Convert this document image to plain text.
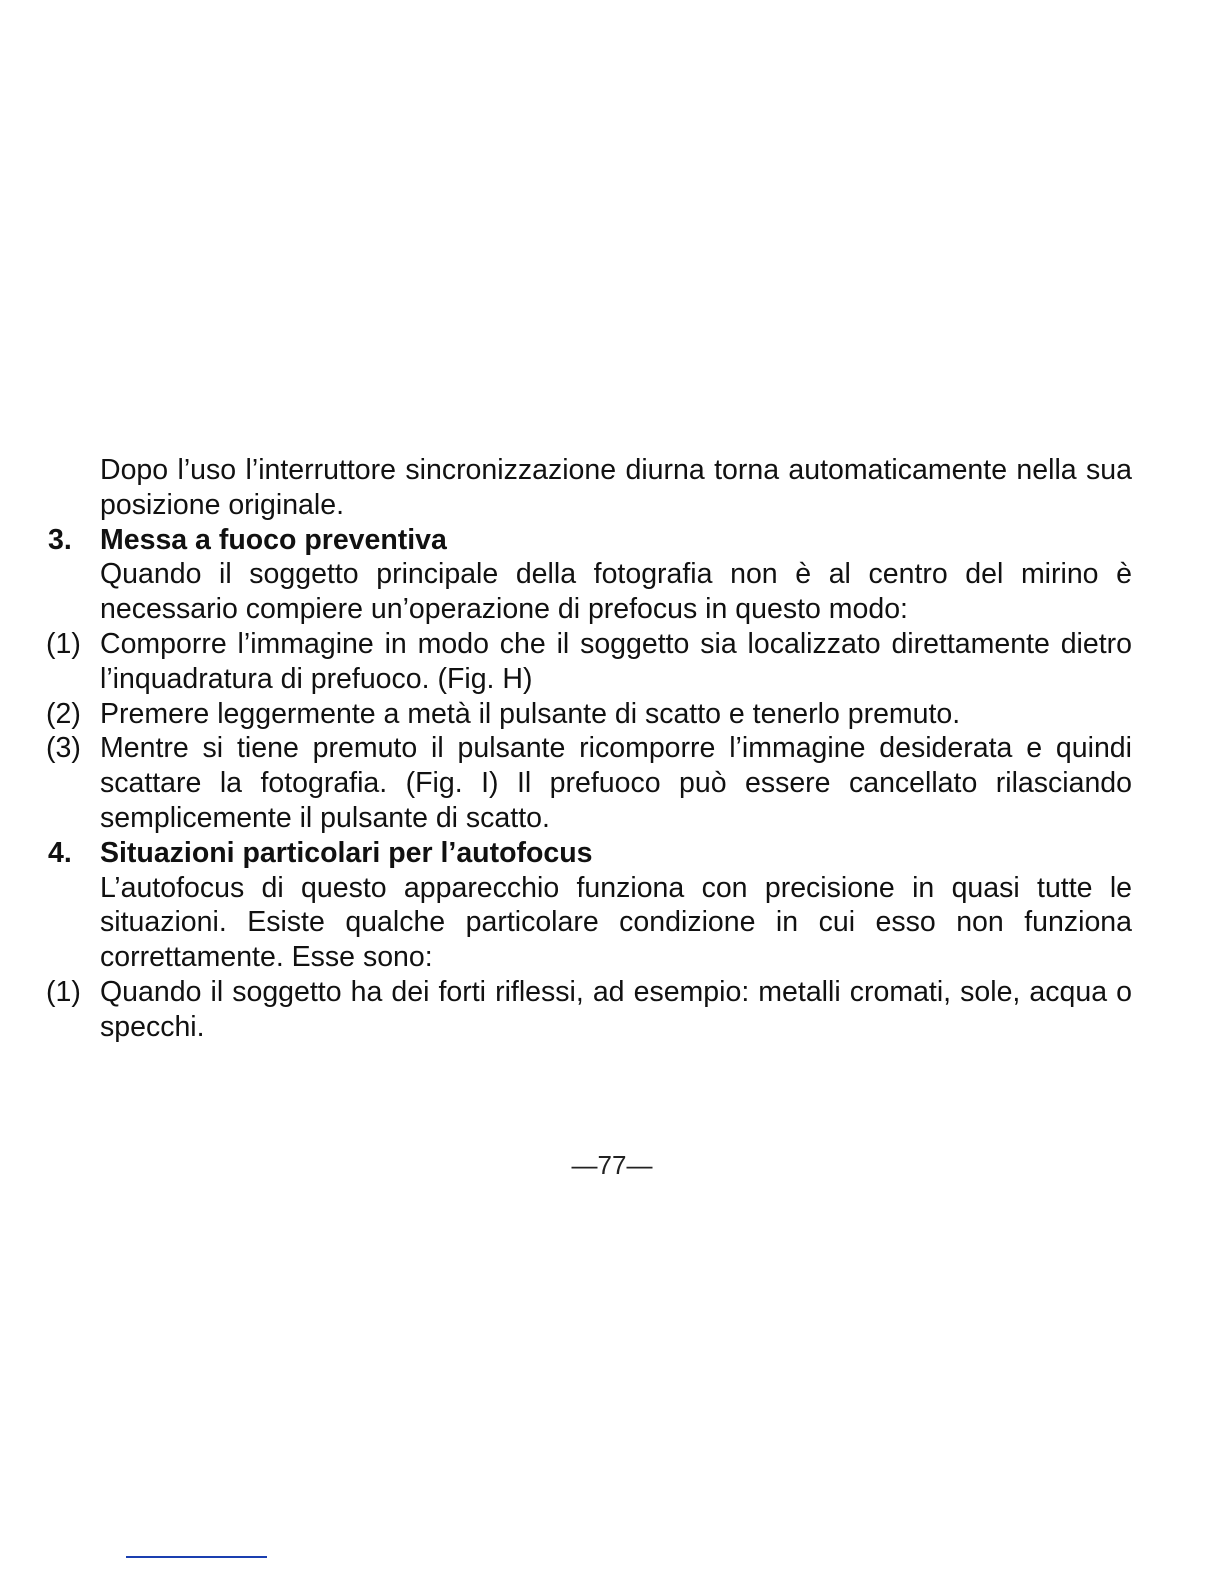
Dopo l’uso l’interruttore sincronizzazione diurna torna automaticamente nella sua posizione originale.
3. Messa a fuoco preventiva
Quando il soggetto principale della fotografia non è al centro del mirino è necessario compiere un’operazione di prefocus in questo modo:
(1) Comporre l’immagine in modo che il soggetto sia localizzato direttamente dietro l’inquadratura di prefuoco. (Fig. H)
(2) Premere leggermente a metà il pulsante di scatto e tenerlo premuto.
(3) Mentre si tiene premuto il pulsante ricomporre l’immagine desiderata e quindi scattare la fotografia. (Fig. I) Il prefuoco può essere cancellato rilasciando semplicemente il pulsante di scatto.
4. Situazioni particolari per l’autofocus
L’autofocus di questo apparecchio funziona con precisione in quasi tutte le situazioni. Esiste qualche particolare condizione in cui esso non funziona correttamente. Esse sono:
(1) Quando il soggetto ha dei forti riflessi, ad esempio: metalli cromati, sole, acqua o specchi.
—77—
